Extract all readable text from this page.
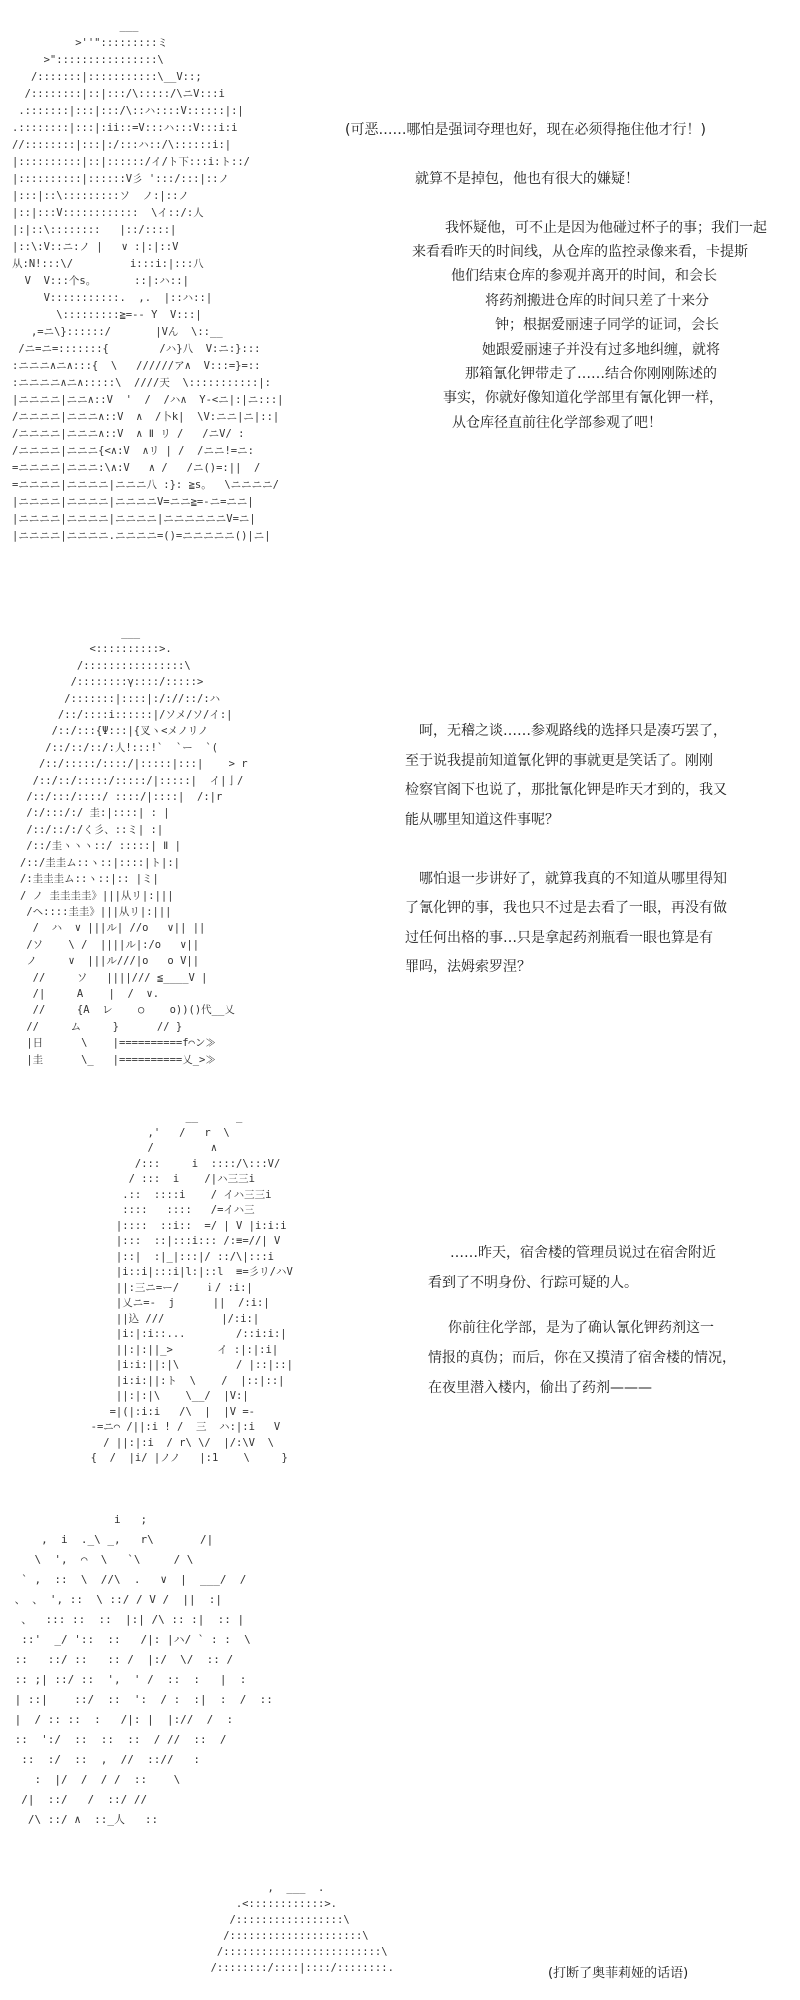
___
>''":::::::::ミ
>"::::::::::::::::\
/:::::::|:::::::::::\__V::;
/::::::::|::|:::/\:::::/\ニV:::i
.:::::::|:::|:::/\::ハ::::V::::::|:|
.::::::::|:::|:ii::=V:::ハ:::V:::i:i
//::::::::|:::|:/:::ハ::/\::::::i:|
|::::::::::|::|::::::/イ/ト下:::i:ト::/
|::::::::::|::::::V彡 ':::/:::|::ノ
|:::|::\:::::::::ソ  ノ:|::ノ
|::|:::V::::::::::::  \イ::/:人
|:|::\::::::::   |::/::::|
|::\:V::ニ:ノ |   ∨ :|:|::V
从:N!:::\/         i:::i:|:::八
V  V:::个s。      ::|:ハ::|
V:::::::::::.  ,.  |::ハ::|
\:::::::::≧=-- Y  V:::|
,=ニ\}::::::/       |Vん  \::__
/ニ=ニ=:::::::{        /ハ}八  V:ニ:}:::
:ニニニ∧ニ∧:::{  \   //////ア∧  V:::=}=::
:ニニニニ∧ニ∧:::::\  ////天  \:::::::::::|:
|ニニニニ|ニニ∧::V  '  /  /ハ∧  Y-<ニ|:|ニ:::|
/ニニニニ|ニニニ∧::V  ∧  /卜k|  \V:ニニ|ニ|::|
/ニニニニ|ニニニ∧::V  ∧ Ⅱ リ /   /ニV/ :
/ニニニニ|ニニニ{<∧:V  ∧リ | /  /ニニ!=ニ:
=ニニニニ|ニニニ:\∧:V   ∧ /   /ニ()=:||  /
=ニニニニ|ニニニニ|ニニニ八 :}: ≧s。  \ニニニニ/
|ニニニニ|ニニニニ|ニニニニV=ニニ≧=-ニ=ニニ|
|ニニニニ|ニニニニ|ニニニニ|ニニニニニニV=ニ|
|ニニニニ|ニニニニ.ニニニニ=()=ニニニニニ()|ニ|
(可恶……哪怕是强词夺理也好，现在必须得拖住他才行！)
就算不是掉包，他也有很大的嫌疑！
我怀疑他，可不止是因为他碰过杯子的事；我们一起
来看看昨天的时间线，从仓库的监控录像来看，卡提斯
他们结束仓库的参观并离开的时间，和会长
将药剂搬进仓库的时间只差了十来分
钟；根据爱丽速子同学的证词，会长
她跟爱丽速子并没有过多地纠缠，就将
那箱氰化钾带走了……结合你刚刚陈述的
事实，你就好像知道化学部里有氰化钾一样，
从仓库径直前往化学部参观了吧！
___
<::::::::::>.
/::::::::::::::::\
/::::::::γ::::/:::::>
/:::::::|::::|:/://::/:ハ
/::/::::i::::::|/ソメ/ソ/イ:|
/::/:::{Ψ:::|{叉ヽ<メノリノ
/::/::/::/:人!:::!`  `ー  `(
/::/:::::/::::/|:::::|:::|    > r
/::/::/:::::/:::::/|:::::|  イ|亅/
/::/:::/::::/ ::::/|::::|  /:|r
/:/:::/:/ 圭:|::::| : |
/::/::/:/く彡、::ミ| :|
/::/圭ヽヽヽ::/ :::::| Ⅱ |
/::/圭圭ム::ヽ::|::::|ト|:|
/:圭圭圭ム::ヽ::|:: |ミ|
/ ノ 圭圭圭圭》|||从リ|:|||
/ヘ::::圭圭》|||从リ|:|||
/  ハ  ∨ |||ル| //o   ∨|| ||
/ソ    \ /  ||||ル|:/o   ∨||
ノ     ∨  |||ル///|o   o V||
//     ソ   ||||/// ≦____V |
/|     A    |  /  ∨.
//     {A  レ    ○    o))()代__乂
//     ム     }      // }
|日      \    |==========f⌒ン≫
|圭      \_   |==========乂_>≫
呵，无稽之谈……参观路线的选择只是凑巧罢了，
至于说我提前知道氰化钾的事就更是笑话了。刚刚
检察官阁下也说了，那批氰化钾是昨天才到的，我又
能从哪里知道这件事呢？
哪怕退一步讲好了，就算我真的不知道从哪里得知
了氰化钾的事，我也只不过是去看了一眼，再没有做
过任何出格的事…只是拿起药剂瓶看一眼也算是有
罪吗，法姆索罗涅？
__      _
,'   /   r  \
/         ∧
/:::     i  ::::/\:::V/
/ :::  i    /|ハ三三i
.::  ::::i    / イハ三三i
::::   ::::   /=イハ三
|::::  ::i::  =/ | V |i:i:i
|:::  ::|:::i::: /:≡=//| V
|::|  :|_|:::|/ ::/\|:::i
|i::i|:::i|l:|::l  ≡=彡リ/ハV
||:三ニ=ー/    ｉ/ :i:|
|乂ニ=-  j      ||  /:i:|
||込 ///         |/:i:|
|i:|:i::...        /::i:i:|
||:|:||_>       イ :|:|:i|
|i:i:||:|\         / |::|::|
|i:i:||:ト  \    /  |::|::|
||:|:|\    \__/  |V:|
=|(|:i:i   /\  |  |V =-
-=ニ⌒ /||:i ! /  三  ハ:|:i   V
/ ||:|:i  / r\ \/  |/:\V  \
{  /  |i/ |ノノ   |:1    \     }
……昨天，宿舍楼的管理员说过在宿舍附近
看到了不明身份、行踪可疑的人。
你前往化学部，是为了确认氰化钾药剂这一
情报的真伪；而后，你在又摸清了宿舍楼的情况，
在夜里潜入楼内，偷出了药剂———
i   ;
,  i  ._\ _,   r\       /|
\  ',  ⌒  \   `\     / \
` ,  ::  \  //\  .   ∨  |  ___/  /
、 、 ', ::  \ ::/ / V /  ||  :|
、  ::: ::  ::  |:| /\ :: :|  :: |
::'  _/ '::  ::   /|: |ハ/ ` : :  \
::   ::/ ::   :: /  |:/  \/  :: /
:: ;| ::/ ::  ',  ' /  ::  :   |  :
| ::|    ::/  ::  ':  / :  :|  :  /  ::
|  / :: ::  :   /|: |  |://  /  :
::  ':/  ::  ::  ::  / //  ::  /
::  :/  ::  ,  //  :://   :
:  |/  /  / /  ::    \
/|  ::/   /  ::/ //
/\ ::/ ∧  ::_人   ::
,  ___  .
.<::::::::::::>.
/:::::::::::::::::\
/:::::::::::::::::::::\
/:::::::::::::::::::::::::\
/::::::::/::::|::::/::::::::.	(打断了奥菲莉娅的话语)
